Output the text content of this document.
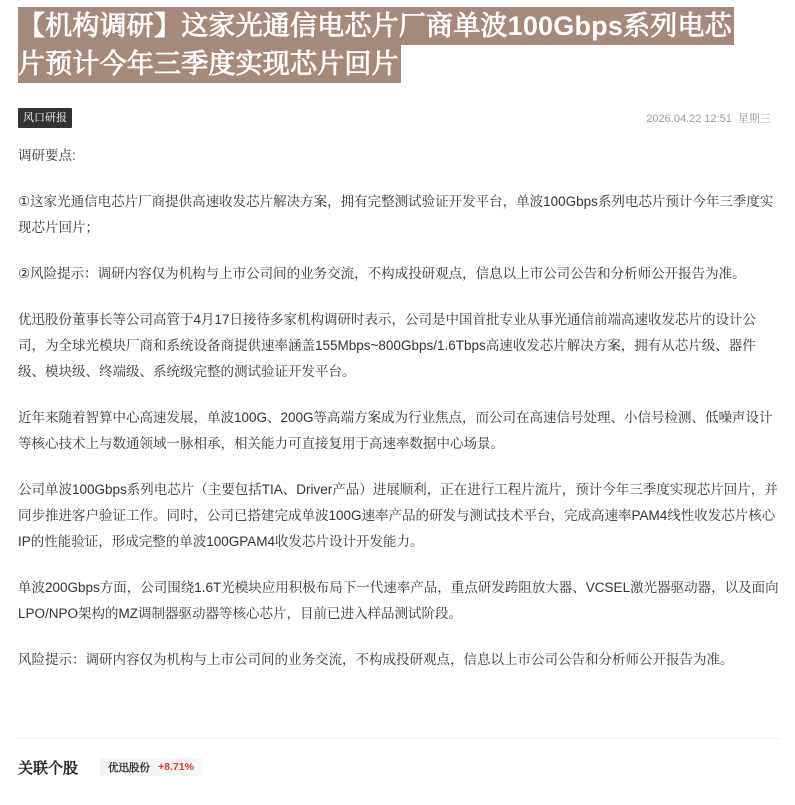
【机构调研】这家光通信电芯片厂商单波100Gbps系列电芯
片预计今年三季度实现芯片回片
风口研报	2026.04.22 12:51 星期三

调研要点:

①这家光通信电芯片厂商提供高速收发芯片解决方案，拥有完整测试验证开发平台，单波100Gbps系列电芯片预计今年三季度实现芯片回片；

②风险提示：调研内容仅为机构与上市公司间的业务交流，不构成投研观点，信息以上市公司公告和分析师公开报告为准。

优迅股份董事长等公司高管于4月17日接待多家机构调研时表示，公司是中国首批专业从事光通信前端高速收发芯片的设计公司，为全球光模块厂商和系统设备商提供速率涵盖155Mbps~800Gbps/1.6Tbps高速收发芯片解决方案，拥有从芯片级、器件级、模块级、终端级、系统级完整的测试验证开发平台。

近年来随着智算中心高速发展，单波100G、200G等高端方案成为行业焦点，而公司在高速信号处理、小信号检测、低噪声设计等核心技术上与数通领域一脉相承，相关能力可直接复用于高速率数据中心场景。

公司单波100Gbps系列电芯片（主要包括TIA、Driver产品）进展顺利，正在进行工程片流片，预计今年三季度实现芯片回片，并同步推进客户验证工作。同时，公司已搭建完成单波100G速率产品的研发与测试技术平台，完成高速率PAM4线性收发芯片核心IP的性能验证，形成完整的单波100GPAM4收发芯片设计开发能力。

单波200Gbps方面，公司围绕1.6T光模块应用积极布局下一代速率产品，重点研发跨阻放大器、VCSEL激光器驱动器，以及面向LPO/NPO架构的MZ调制器驱动器等核心芯片，目前已进入样品测试阶段。

风险提示：调研内容仅为机构与上市公司间的业务交流，不构成投研观点，信息以上市公司公告和分析师公开报告为准。

关联个股	优迅股份 +8.71%
